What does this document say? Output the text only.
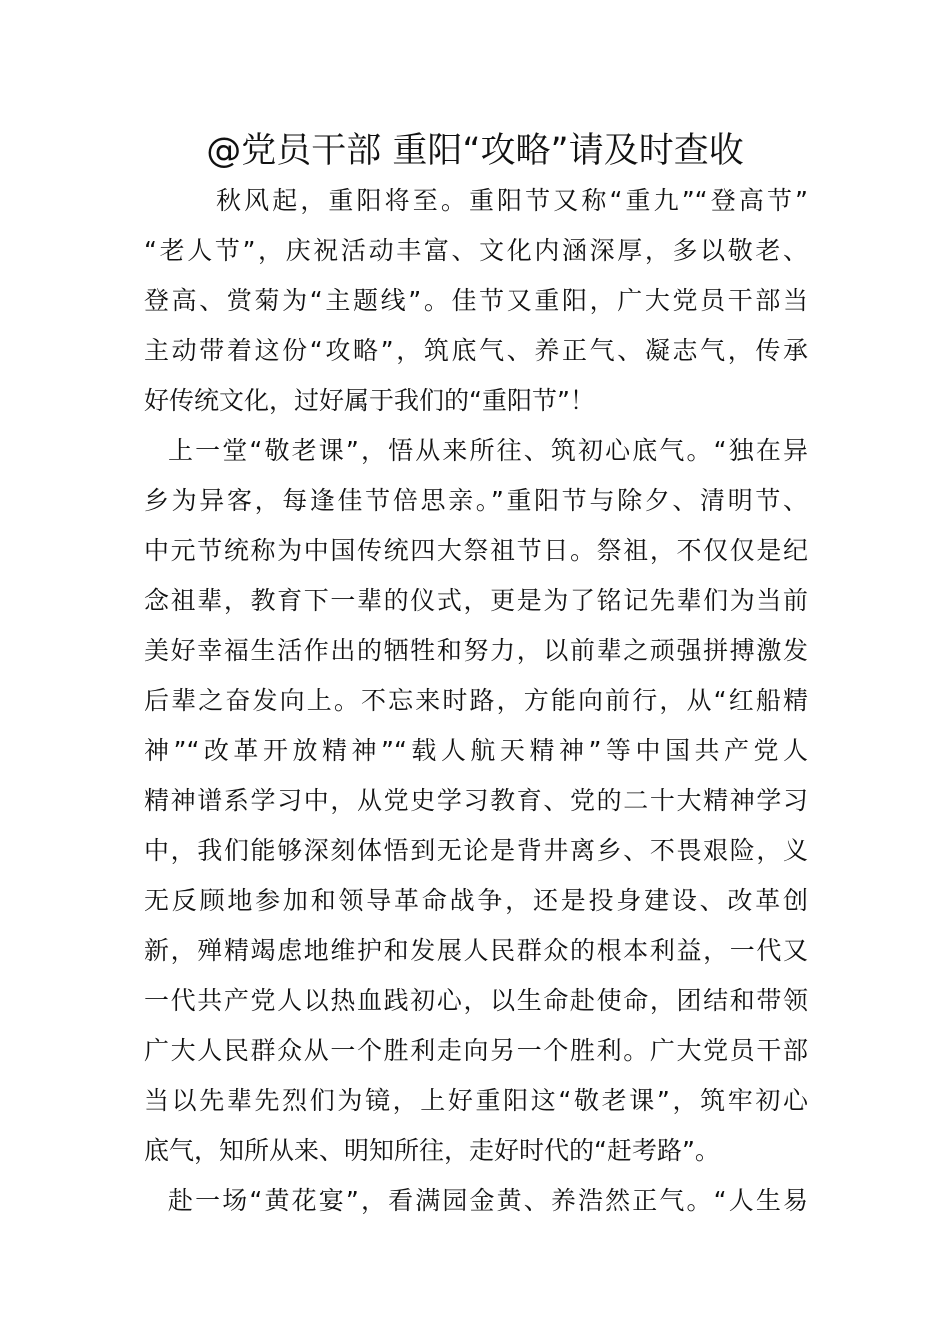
@党员干部 重阳“攻略”请及时查收
秋风起，重阳将至。重阳节又称“重九”“登高节”
“老人节”，庆祝活动丰富、文化内涵深厚，多以敬老、
登高、赏菊为“主题线”。佳节又重阳，广大党员干部当
主动带着这份“攻略”，筑底气、养正气、凝志气，传承
好传统文化，过好属于我们的“重阳节”！
上一堂“敬老课”，悟从来所往、筑初心底气。“独在异
乡为异客，每逢佳节倍思亲。”重阳节与除夕、清明节、
中元节统称为中国传统四大祭祖节日。祭祖，不仅仅是纪
念祖辈，教育下一辈的仪式，更是为了铭记先辈们为当前
美好幸福生活作出的牺牲和努力，以前辈之顽强拼搏激发
后辈之奋发向上。不忘来时路，方能向前行，从“红船精
神”“改革开放精神”“载人航天精神”等中国共产党人
精神谱系学习中，从党史学习教育、党的二十大精神学习
中，我们能够深刻体悟到无论是背井离乡、不畏艰险，义
无反顾地参加和领导革命战争，还是投身建设、改革创
新，殚精竭虑地维护和发展人民群众的根本利益，一代又
一代共产党人以热血践初心，以生命赴使命，团结和带领
广大人民群众从一个胜利走向另一个胜利。广大党员干部
当以先辈先烈们为镜，上好重阳这“敬老课”，筑牢初心
底气，知所从来、明知所往，走好时代的“赶考路”。
赴一场“黄花宴”，看满园金黄、养浩然正气。“人生易
